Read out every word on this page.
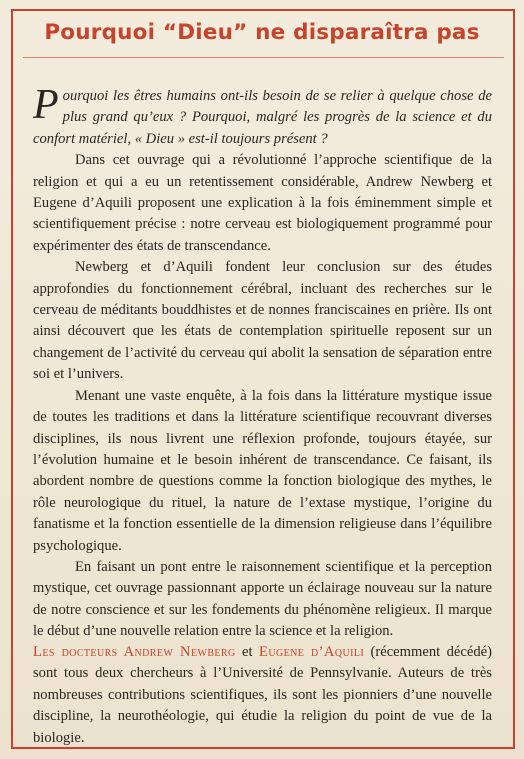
Pourquoi “Dieu” ne disparaîtra pas

Pourquoi les êtres humains ont-ils besoin de se relier à quelque chose de plus grand qu’eux ? Pourquoi, malgré les progrès de la science et du confort matériel, « Dieu » est-il toujours présent ?

Dans cet ouvrage qui a révolutionné l’approche scientifique de la religion et qui a eu un retentissement considérable, Andrew Newberg et Eugene d’Aquili proposent une explication à la fois éminemment simple et scientifiquement précise : notre cerveau est biologiquement programmé pour expérimenter des états de transcendance.

Newberg et d’Aquili fondent leur conclusion sur des études approfondies du fonctionnement cérébral, incluant des recherches sur le cerveau de méditants bouddhistes et de nonnes franciscaines en prière. Ils ont ainsi découvert que les états de contemplation spirituelle reposent sur un changement de l’activité du cerveau qui abolit la sensation de séparation entre soi et l’univers.

Menant une vaste enquête, à la fois dans la littérature mystique issue de toutes les traditions et dans la littérature scientifique recouvrant diverses disciplines, ils nous livrent une réflexion profonde, toujours étayée, sur l’évolution humaine et le besoin inhérent de transcendance. Ce faisant, ils abordent nombre de questions comme la fonction biologique des mythes, le rôle neurologique du rituel, la nature de l’extase mystique, l’origine du fanatisme et la fonction essentielle de la dimension religieuse dans l’équilibre psychologique.

En faisant un pont entre le raisonnement scientifique et la perception mystique, cet ouvrage passionnant apporte un éclairage nouveau sur la nature de notre conscience et sur les fondements du phénomène religieux. Il marque le début d’une nouvelle relation entre la science et la religion.

Les docteurs Andrew Newberg et Eugene d’Aquili (récemment décédé) sont tous deux chercheurs à l’Université de Pennsylvanie. Auteurs de très nombreuses contributions scientifiques, ils sont les pionniers d’une nouvelle discipline, la neurothéologie, qui étudie la religion du point de vue de la biologie.
